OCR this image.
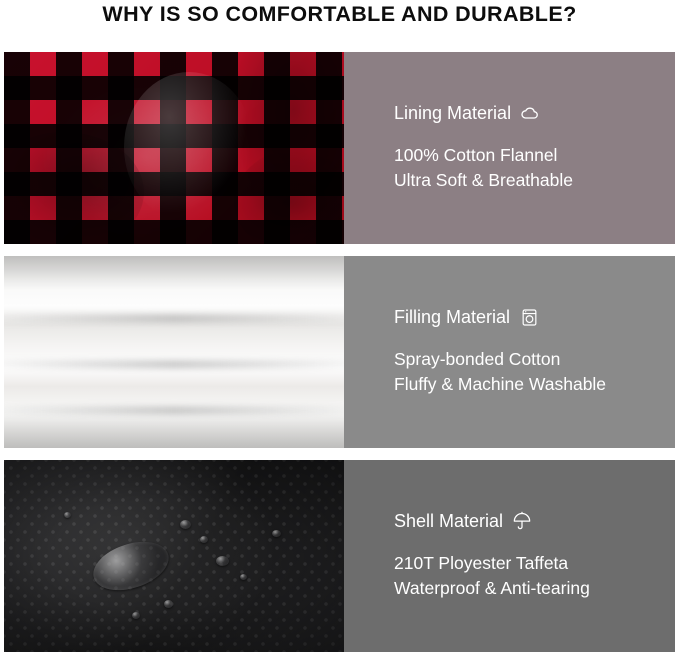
WHY IS SO COMFORTABLE AND DURABLE?
Lining Material
100% Cotton Flannel
Ultra Soft & Breathable
Filling Material
Spray-bonded Cotton
Fluffy & Machine Washable
Shell Material
210T Ployester Taffeta
Waterproof & Anti-tearing
